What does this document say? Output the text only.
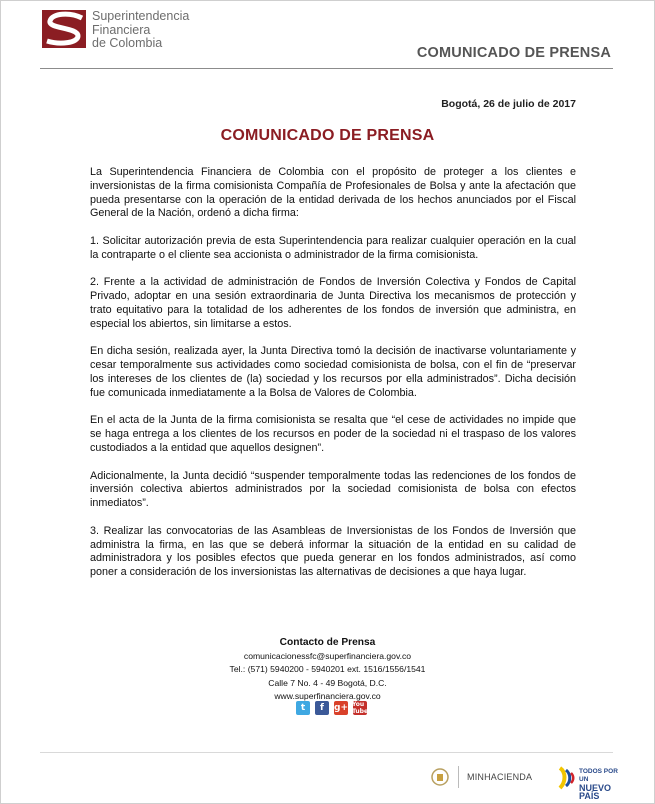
Superintendencia
Financiera
de Colombia
COMUNICADO DE PRENSA
Bogotá, 26 de julio de 2017
COMUNICADO DE PRENSA

La Superintendencia Financiera de Colombia con el propósito de proteger a los clientes e inversionistas de la firma comisionista Compañía de Profesionales de Bolsa y ante la afectación que pueda presentarse con la operación de la entidad derivada de los hechos anunciados por el Fiscal General de la Nación, ordenó a dicha firma:

1. Solicitar autorización previa de esta Superintendencia para realizar cualquier operación en la cual la contraparte o el cliente sea accionista o administrador de la firma comisionista.

2. Frente a la actividad de administración de Fondos de Inversión Colectiva y Fondos de Capital Privado, adoptar en una sesión extraordinaria de Junta Directiva los mecanismos de protección y trato equitativo para la totalidad de los adherentes de los fondos de inversión que administra, en especial los abiertos, sin limitarse a estos.

En dicha sesión, realizada ayer, la Junta Directiva tomó la decisión de inactivarse voluntariamente y cesar temporalmente sus actividades como sociedad comisionista de bolsa, con el fin de “preservar los intereses de los clientes de (la) sociedad y los recursos por ella administrados”. Dicha decisión fue comunicada inmediatamente a la Bolsa de Valores de Colombia.

En el acta de la Junta de la firma comisionista se resalta que “el cese de actividades no impide que se haga entrega a los clientes de los recursos en poder de la sociedad ni el traspaso de los valores custodiados a la entidad que aquellos designen”.

Adicionalmente, la Junta decidió “suspender temporalmente todas las redenciones de los fondos de inversión colectiva abiertos administrados por la sociedad comisionista de bolsa con efectos inmediatos”.

3. Realizar las convocatorias de las Asambleas de Inversionistas de los Fondos de Inversión que administra la firma, en las que se deberá informar la situación de la entidad en su calidad de administradora y los posibles efectos que pueda generar en los fondos administrados, así como poner a consideración de los inversionistas las alternativas de decisiones a que haya lugar.

Contacto de Prensa
comunicacionessfc@superfinanciera.gov.co
Tel.: (571) 5940200 - 5940201 ext. 1516/1556/1541
Calle 7 No. 4 - 49 Bogotá, D.C.
www.superfinanciera.gov.co
t	f	g+ You Tube
MINHACIENDA
TODOS POR UN
NUEVO PAÍS
